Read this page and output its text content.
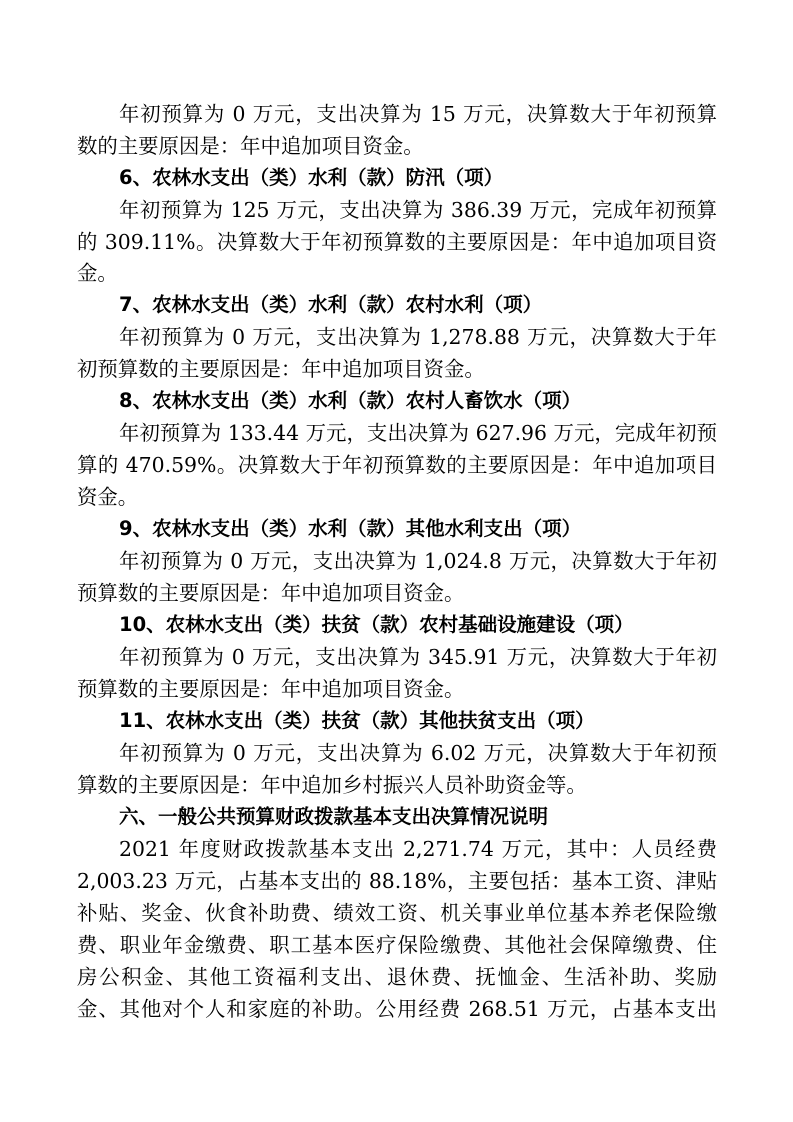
年初预算为 0 万元，支出决算为 15 万元，决算数大于年初预算
数的主要原因是：年中追加项目资金。
6、农林水支出（类）水利（款）防汛（项）
年初预算为 125 万元，支出决算为 386.39 万元，完成年初预算
的 309.11%。决算数大于年初预算数的主要原因是：年中追加项目资
金。
7、农林水支出（类）水利（款）农村水利（项）
年初预算为 0 万元，支出决算为 1,278.88 万元，决算数大于年
初预算数的主要原因是：年中追加项目资金。
8、农林水支出（类）水利（款）农村人畜饮水（项）
年初预算为 133.44 万元，支出决算为 627.96 万元，完成年初预
算的 470.59%。决算数大于年初预算数的主要原因是：年中追加项目
资金。
9、农林水支出（类）水利（款）其他水利支出（项）
年初预算为 0 万元，支出决算为 1,024.8 万元，决算数大于年初
预算数的主要原因是：年中追加项目资金。
10、农林水支出（类）扶贫（款）农村基础设施建设（项）
年初预算为 0 万元，支出决算为 345.91 万元，决算数大于年初
预算数的主要原因是：年中追加项目资金。
11、农林水支出（类）扶贫（款）其他扶贫支出（项）
年初预算为 0 万元，支出决算为 6.02 万元，决算数大于年初预
算数的主要原因是：年中追加乡村振兴人员补助资金等。
六、一般公共预算财政拨款基本支出决算情况说明
2021 年度财政拨款基本支出 2,271.74 万元，其中：人员经费
2,003.23 万元，占基本支出的 88.18%，主要包括：基本工资、津贴
补贴、奖金、伙食补助费、绩效工资、机关事业单位基本养老保险缴
费、职业年金缴费、职工基本医疗保险缴费、其他社会保障缴费、住
房公积金、其他工资福利支出、退休费、抚恤金、生活补助、奖励
金、其他对个人和家庭的补助。公用经费 268.51 万元，占基本支出
